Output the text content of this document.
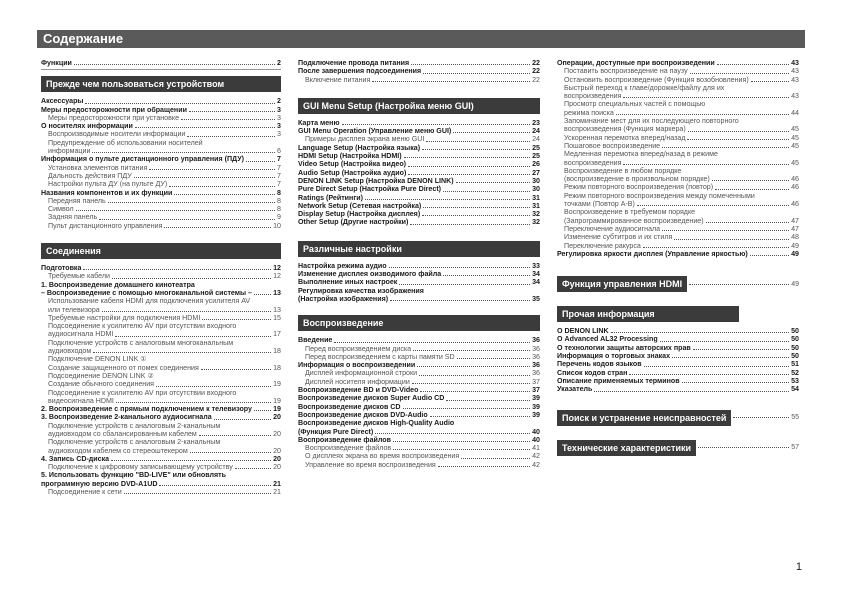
Содержание
Функции	2
Прежде чем пользоваться устройством
Аксессуары	2
Меры предосторожности при обращении	3
Меры предосторожности при установке	3
О носителях информации	3
Воспроизводимые носители информации	3
Предупреждение об использовании носителей
информации	6
Информация о пульте дистанционного управления (ПДУ)	7
Установка элементов питания	7
Дальность действия ПДУ	7
Настройки пульта ДУ (на пульте ДУ)	7
Названия компонентов и их функции	8
Передняя панель	8
Символ	8
Задняя панель	9
Пульт дистанционного управления	10
Соединения
Подготовка	12
Требуемые кабели	12
1. Воспроизведение домашнего кинотеатра
– Воспроизведение с помощью многоканальной системы –	13
Использование кабеля HDMI для подключения усилителя AV
или телевизора	13
Требуемые настройки для подключения HDMI	15
Подсоединение к усилителю AV при отсутствии входного
аудиосигнала HDMI	17
Подключение устройств с аналоговым многоканальным
аудиовходом	18
Подключение DENON LINK ①
Создание защищенного от помех соединения	18
Подсоединение DENON LINK ②
Создание обычного соединения	19
Подсоединение к усилителю AV при отсутствии входного
видеосигнала HDMI	19
2. Воспроизведение с прямым подключением к телевизору	19
3. Воспроизведение 2-канального аудиосигнала	20
Подключение устройств с аналоговым 2-канальным
аудиовходом со сбалансированным кабелем	20
Подключение устройств с аналоговым 2-канальным
аудиовходом кабелем со стереоштекером	20
4. Запись CD-диска	20
Подключение к цифровому записывающему устройству	20
5. Использовать функцию "BD-LIVE" или обновлять
программную версию DVD-A1UD	21
Подсоединение к сети	21
Подключение провода питания	22
После завершения подсоединения	22
Включение питания	22
GUI Menu Setup (Настройка меню GUI)
Карта меню	23
GUI Menu Operation (Управление меню GUI)	24
Примеры дисплея экрана меню GUI	24
Language Setup (Настройка языка)	25
HDMI Setup (Настройка HDMI)	25
Video Setup (Настройка видео)	26
Audio Setup (Настройка аудио)	27
DENON LINK Setup (Настройка DENON LINK)	30
Pure Direct Setup (Настройка Pure Direct)	30
Ratings (Рейтинги)	31
Network Setup (Сетевая настройка)	31
Display Setup (Настройка дисплея)	32
Other Setup (Другие настройки)	32
Различные настройки
Настройка режима аудио	33
Изменение дисплея оизводимого файла	34
Выполнение иных настроек	34
Регулировка качества изображения
(Настройка изображения)	35
Воспроизведение
Введение	36
Перед воспроизведением диска	36
Перед воспроизведением с карты памяти SD	36
Информация о воспроизведении	36
Дисплей информационной строки	36
Дисплей носителя информации	37
Воспроизведение BD и DVD-Video	37
Воспроизведение дисков Super Audio CD	39
Воспроизведение дисков CD	39
Воспроизведение дисков DVD-Audio	39
Воспроизведение дисков High-Quality Audio
(Функция Pure Direct)	40
Воспроизведение файлов	40
Воспроизведение файлов	41
О дисплеях экрана во время воспроизведения	42
Управление во время воспроизведения	42
Операции, доступные при воспроизведении	43
Поставить воспроизведение на паузу	43
Остановить воспроизведение (Функция возобновления)	43
Быстрый переход к главе/дорожке/файлу для их
воспроизведения	43
Просмотр специальных частей с помощью
режима поиска	44
Запоминание мест для их последующего повторного
воспроизведения (Функция маркера)	45
Ускоренная перемотка вперед/назад	45
Пошаговое воспроизведение	45
Медленная перемотка вперед/назад в режиме
воспроизведения	45
Воспроизведение в любом порядке
(воспроизведение в произвольном порядке)	46
Режим повторного воспроизведения (повтор)	46
Режим повторного воспроизведения между помеченными
точками (Повтор A-B)	46
Воспроизведение в требуемом порядке
(Запрограммированное воспроизведение)	47
Переключение аудиосигнала	47
Изменение субтитров и их стиля	48
Переключение ракурса	49
Регулировка яркости дисплея (Управление яркостью)	49
Функция управления HDMI	49
Прочая информация
О DENON LINK	50
О Advanced AL32 Processing	50
О технологии защиты авторских прав	50
Информация о торговых знаках	50
Перечень кодов языков	51
Список кодов стран	52
Описание применяемых терминов	53
Указатель	54
Поиск и устранение неисправностей	55
Технические характеристики	57
1
